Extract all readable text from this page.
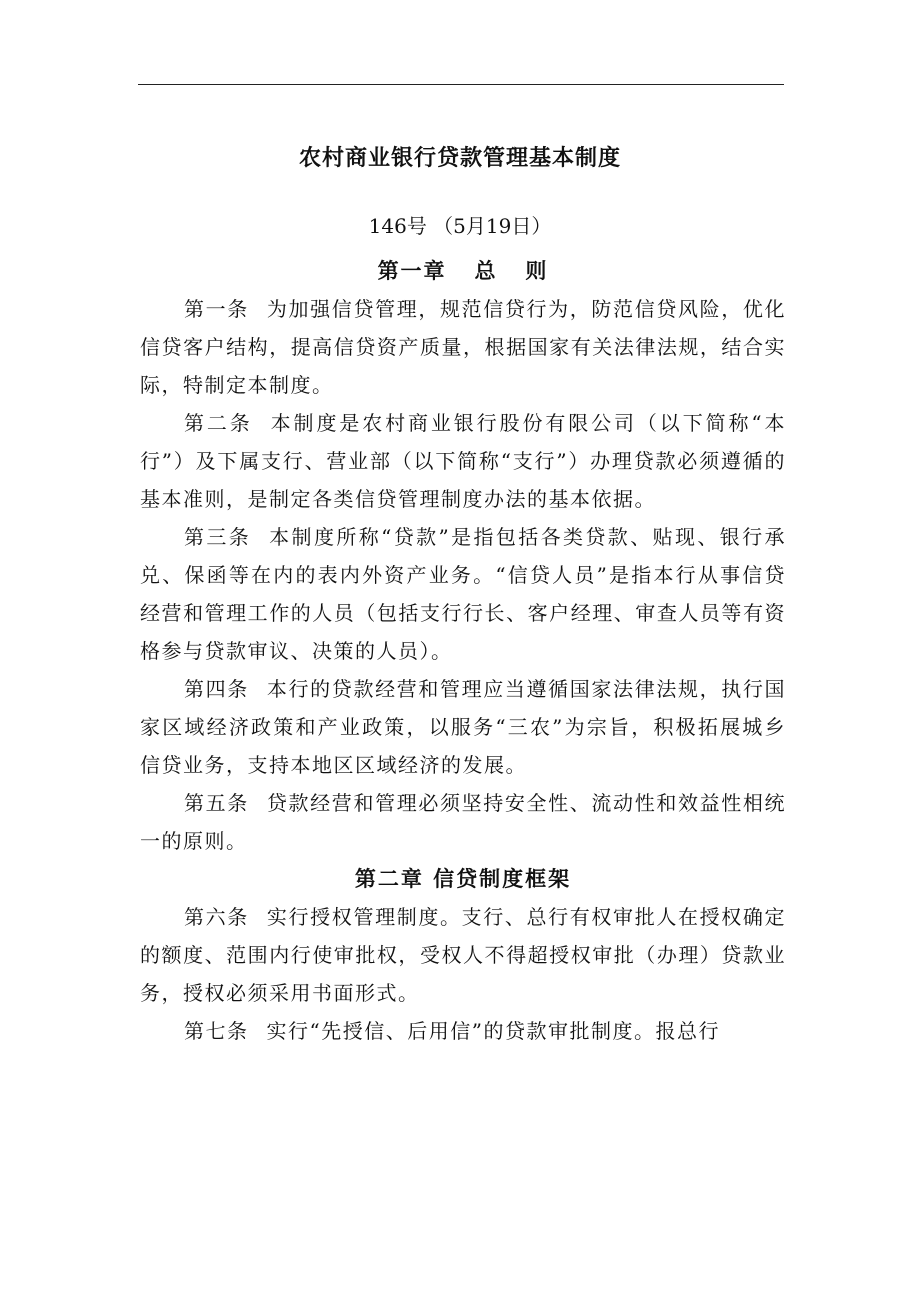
农村商业银行贷款管理基本制度
146号 （5月19日）
第一章   总   则

第一条 为加强信贷管理，规范信贷行为，防范信贷风险，优化信贷客户结构，提高信贷资产质量，根据国家有关法律法规，结合实际，特制定本制度。

第二条 本制度是农村商业银行股份有限公司（以下简称“本行”）及下属支行、营业部（以下简称“支行”）办理贷款必须遵循的基本准则，是制定各类信贷管理制度办法的基本依据。

第三条 本制度所称“贷款”是指包括各类贷款、贴现、银行承兑、保函等在内的表内外资产业务。“信贷人员”是指本行从事信贷经营和管理工作的人员（包括支行行长、客户经理、审查人员等有资格参与贷款审议、决策的人员）。

第四条 本行的贷款经营和管理应当遵循国家法律法规，执行国家区域经济政策和产业政策，以服务“三农”为宗旨，积极拓展城乡信贷业务，支持本地区区域经济的发展。

第五条 贷款经营和管理必须坚持安全性、流动性和效益性相统一的原则。

第二章 信贷制度框架

第六条 实行授权管理制度。支行、总行有权审批人在授权确定的额度、范围内行使审批权，受权人不得超授权审批（办理）贷款业务，授权必须采用书面形式。

第七条 实行“先授信、后用信”的贷款审批制度。报总行
